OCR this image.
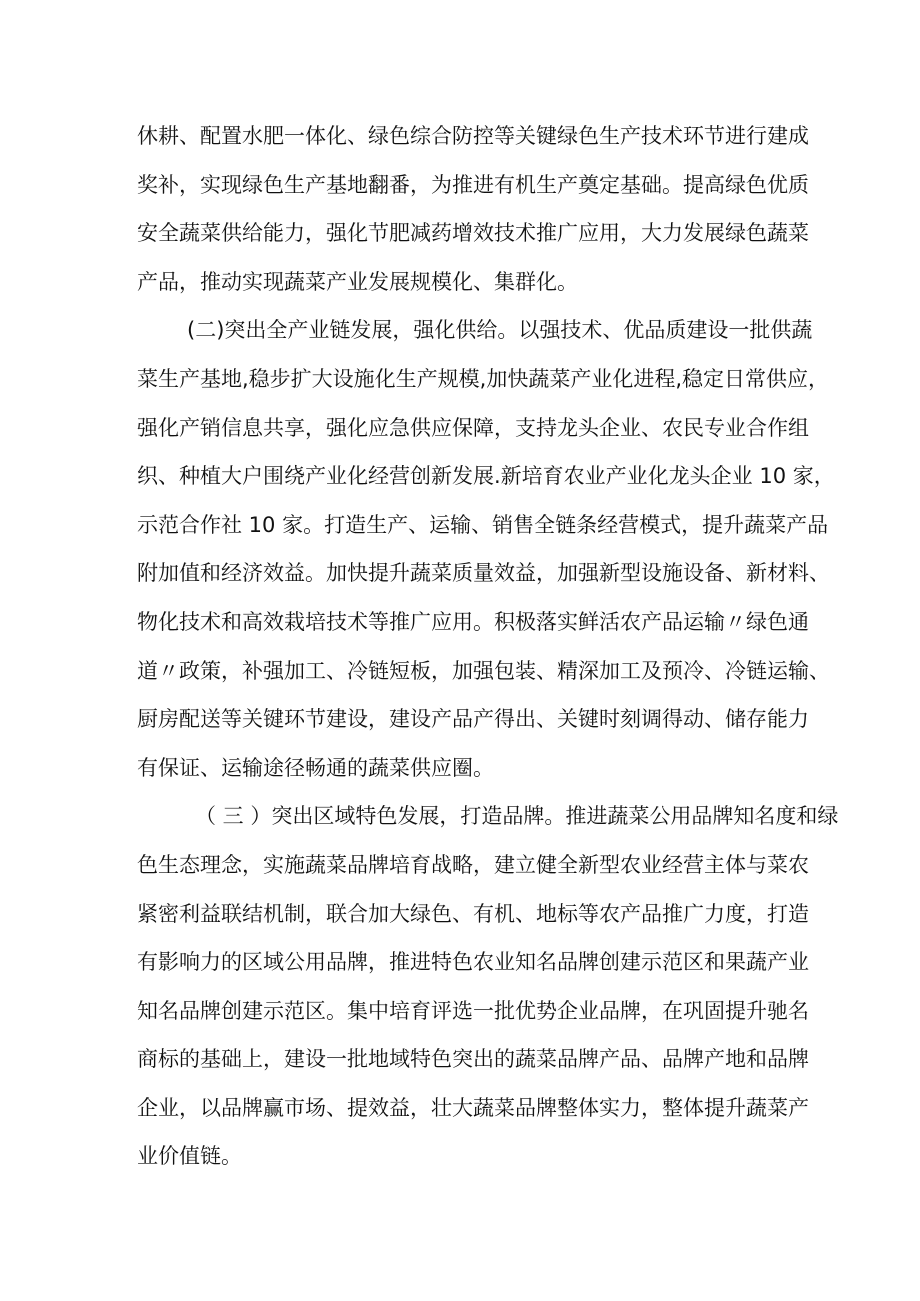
休耕、配置水肥一体化、绿色综合防控等关键绿色生产技术环节进行建成
奖补，实现绿色生产基地翻番，为推进有机生产奠定基础。提高绿色优质
安全蔬菜供给能力，强化节肥减药增效技术推广应用，大力发展绿色蔬菜
产品，推动实现蔬菜产业发展规模化、集群化。
(二)突出全产业链发展，强化供给。以强技术、优品质建设一批供蔬
菜生产基地,稳步扩大设施化生产规模,加快蔬菜产业化进程,稳定日常供应，
强化产销信息共享，强化应急供应保障，支持龙头企业、农民专业合作组
织、种植大户围绕产业化经营创新发展.新培育农业产业化龙头企业 10 家，
示范合作社 10 家。打造生产、运输、销售全链条经营模式，提升蔬菜产品
附加值和经济效益。加快提升蔬菜质量效益，加强新型设施设备、新材料、
物化技术和高效栽培技术等推广应用。积极落实鲜活农产品运输〃绿色通
道〃政策，补强加工、冷链短板，加强包装、精深加工及预冷、冷链运输、
厨房配送等关键环节建设，建设产品产得出、关键时刻调得动、储存能力
有保证、运输途径畅通的蔬菜供应圈。
（ 三 ）突出区域特色发展，打造品牌。推进蔬菜公用品牌知名度和绿
色生态理念，实施蔬菜品牌培育战略，建立健全新型农业经营主体与菜农
紧密利益联结机制，联合加大绿色、有机、地标等农产品推广力度，打造
有影响力的区域公用品牌，推进特色农业知名品牌创建示范区和果蔬产业
知名品牌创建示范区。集中培育评选一批优势企业品牌，在巩固提升驰名
商标的基础上，建设一批地域特色突出的蔬菜品牌产品、品牌产地和品牌
企业，以品牌赢市场、提效益，壮大蔬菜品牌整体实力，整体提升蔬菜产
业价值链。
